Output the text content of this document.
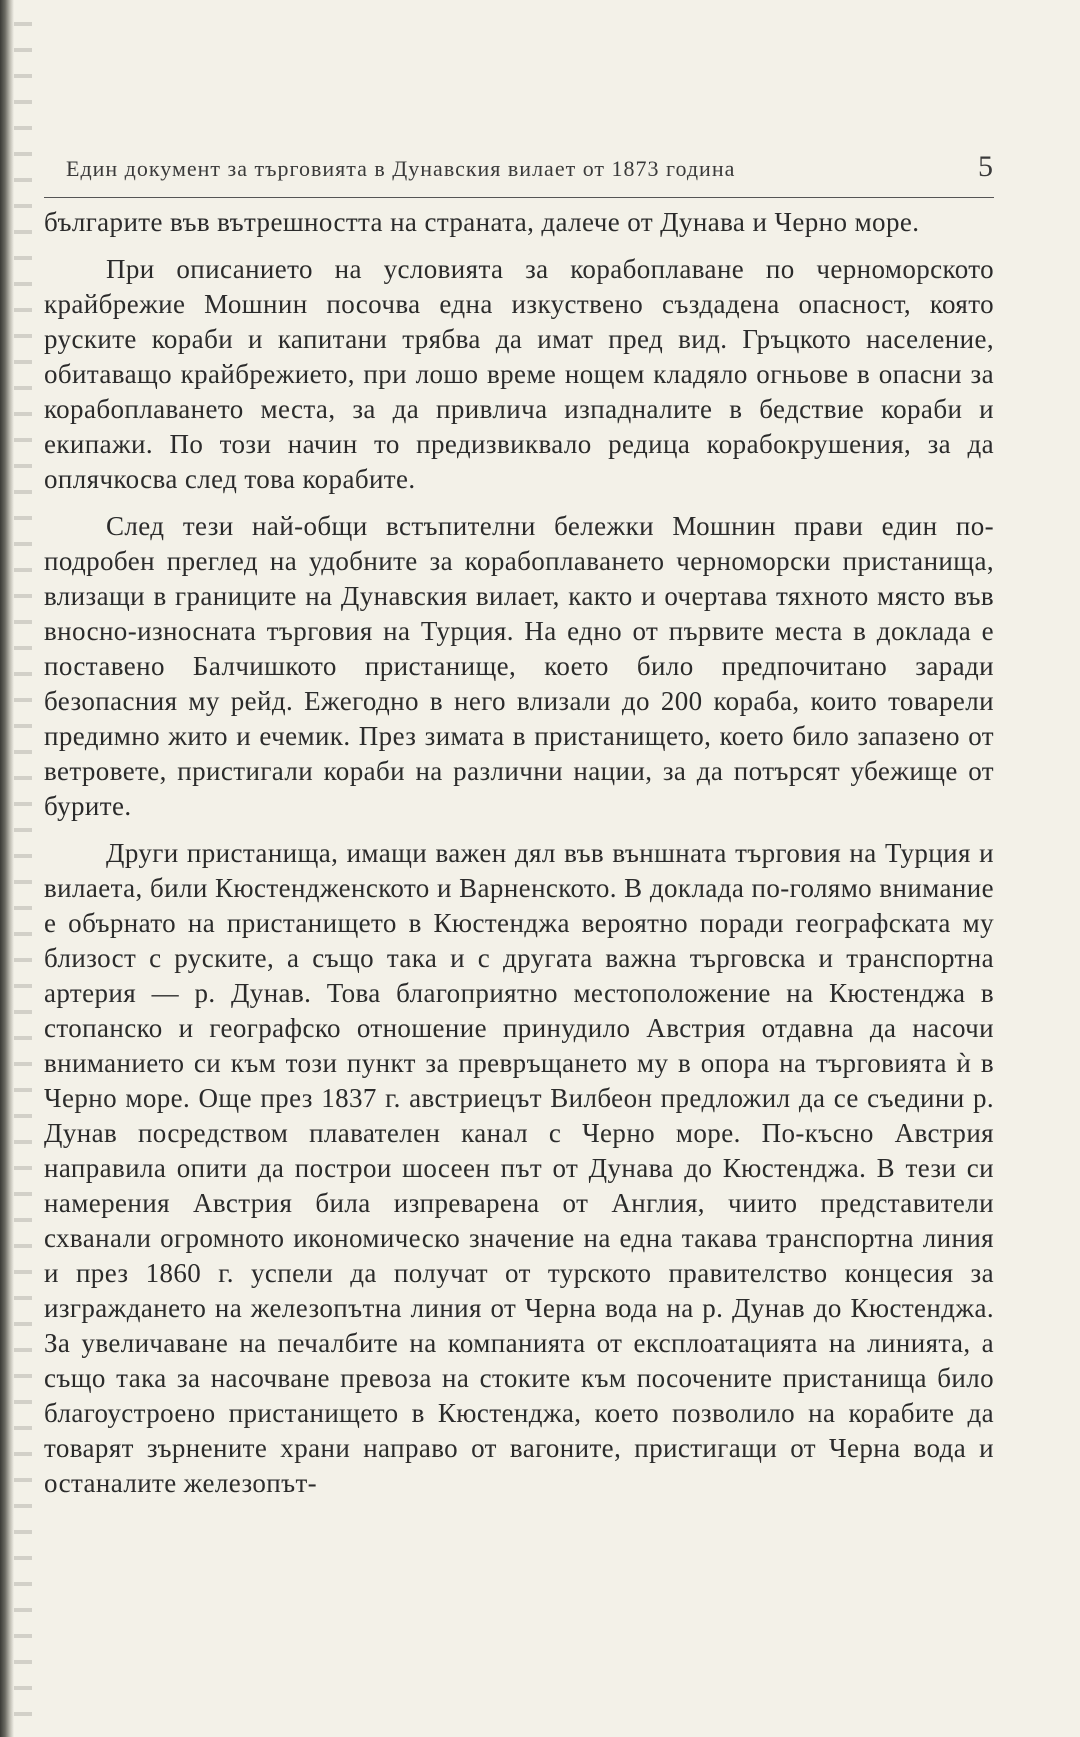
Един документ за търговията в Дунавския вилает от 1873 година	5

българите във вътрешността на страната, далече от Дунава и Черно море.

При описанието на условията за корабоплаване по черноморското крайбрежие Мошнин посочва една изкуствено създадена опасност, която руските кораби и капитани трябва да имат пред вид. Гръцкото население, обитаващо крайбрежието, при лошо време нощем кладяло огньове в опасни за корабоплаването места, за да привлича изпадналите в бедствие кораби и екипажи. По този начин то предизвиквало редица корабокрушения, за да оплячкосва след това корабите.

След тези най-общи встъпителни бележки Мошнин прави един по-подробен преглед на удобните за корабоплаването черноморски пристанища, влизащи в границите на Дунавския вилает, както и очертава тяхното място във вносно-износната търговия на Турция. На едно от първите места в доклада е поставено Балчишкото пристанище, което било предпочитано заради безопасния му рейд. Ежегодно в него влизали до 200 кораба, които товарели предимно жито и ечемик. През зимата в пристанището, което било запазено от ветровете, пристигали кораби на различни нации, за да потърсят убежище от бурите.

Други пристанища, имащи важен дял във външната търговия на Турция и вилаета, били Кюстендженското и Варненското. В доклада по-голямо внимание е обърнато на пристанището в Кюстенджа вероятно поради географската му близост с руските, а също така и с другата важна търговска и транспортна артерия — р. Дунав. Това благоприятно местоположение на Кюстенджа в стопанско и географско отношение принудило Австрия отдавна да насочи вниманието си към този пункт за превръщането му в опора на търговията ѝ в Черно море. Още през 1837 г. австриецът Вилбеон предложил да се съедини р. Дунав посредством плавателен канал с Черно море. По-късно Австрия направила опити да построи шосеен път от Дунава до Кюстенджа. В тези си намерения Австрия била изпреварена от Англия, чиито представители схванали огромното икономическо значение на една такава транспортна линия и през 1860 г. успели да получат от турското правителство концесия за изграждането на железопътна линия от Черна вода на р. Дунав до Кюстенджа. За увеличаване на печалбите на компанията от експлоатацията на линията, а също така за насочване превоза на стоките към посочените пристанища било благоустроено пристанището в Кюстенджа, което позволило на корабите да товарят зърнените храни направо от вагоните, пристигащи от Черна вода и останалите железопът-
